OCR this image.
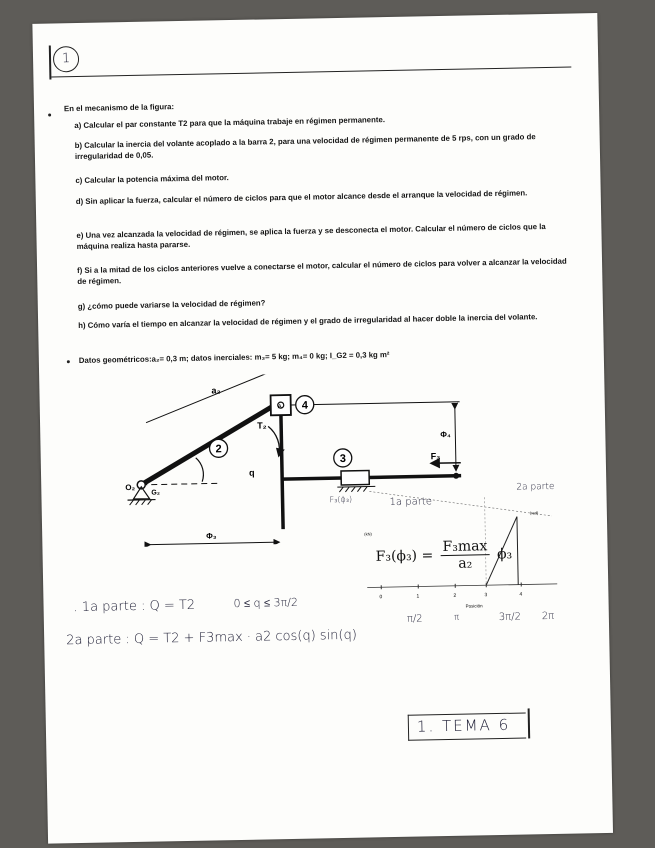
1

En el mecanismo de la figura:

a) Calcular el par constante T2 para que la máquina trabaje en régimen permanente.

b) Calcular la inercia del volante acoplado a la barra 2, para una velocidad de régimen permanente de 5 rps, con un grado de irregularidad de 0,05.

c) Calcular la potencia máxima del motor.

d) Sin aplicar la fuerza, calcular el número de ciclos para que el motor alcance desde el arranque la velocidad de régimen.

e) Una vez alcanzada la velocidad de régimen, se aplica la fuerza y se desconecta el motor. Calcular el número de ciclos que la máquina realiza hasta pararse.

f) Si a la mitad de los ciclos anteriores vuelve a conectarse el motor, calcular el número de ciclos para volver a alcanzar la velocidad de régimen.

g) ¿cómo puede variarse la velocidad de régimen?

h) Cómo varía el tiempo en alcanzar la velocidad de régimen y el grado de irregularidad al hacer doble la inercia del volante.

Datos geométricos:a₂= 0,3 m; datos inerciales: m₃= 5 kg; m₄= 0 kg; I_G2 = 0,3 kg m²

2
3
4
a₂
T₂
q
A
O₂
G₂
Φ₃
Φ₄
F₃
0	1	2	3	4
Posición
(kN)
(rad)
F₃(ϕ₃) =
F₃max
a₂
ϕ₃
1a parte
2a parte
F₃(ϕ₃)
. 1a parte : Q = T2	0 ≤ q ≤ 3π/2
2a parte : Q = T2 + F3max · a2 cos(q) sin(q)
π/2	π	3π/2 2π
1. TEMA 6
